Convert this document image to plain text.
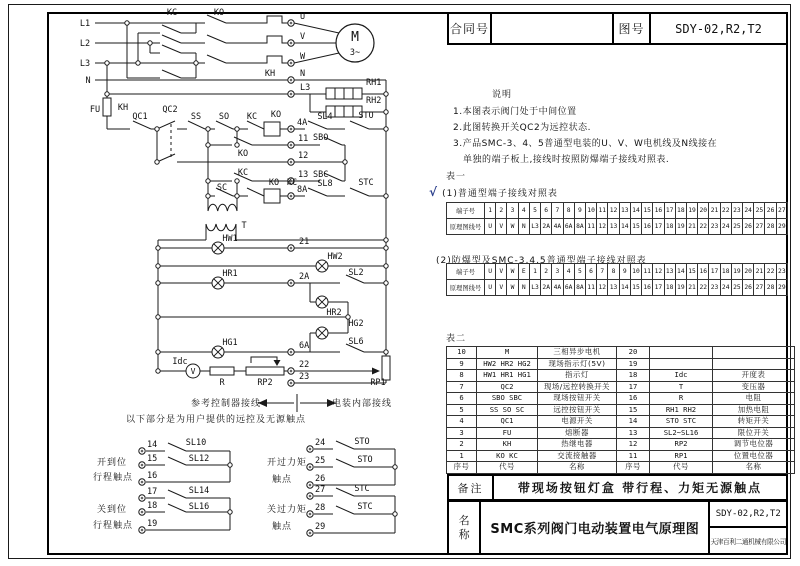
L1
L2
L3
N
KC	KO
KH
U
V
W
N
L3
M
3~
RH1
RH2
FU KH
QC1
QC2
SS SO KC KO
4A
SL4	STO
11 SBO
KO	12
13 SBC
KC
SC	KO KC
8A
SL8	STC
T
HW1	21
HW2
HR1	2A	SL2
HR2
HG2
HG1	6A	SL6
Idc
V
R	RP2
22
RP1
23
参考控制器接线	电装内部接线
以下部分是为用户提供的远控及无源触点
开到位
行程触点
关到位
行程触点
开过力矩
触点
关过力矩
触点
14	SL10
15	SL12
16
17	SL14
18	SL16
19
24	STO
25	STO
26
27	STC
28	STC
29
合同号	图号	SDY-02,R2,T2
说明
1.本图表示阀门处于中间位置
2.此图转换开关QC2为远控状态.
3.产品SMC-3、4、5普通型电装的U、V、W电机线及N线接在
单独的端子板上,接线时按照防爆端子接线对照表.
表一
√ (1)普通型端子接线对照表
端子号	1	2	3	4	5	6	7	8	9	10	11	12	13	14	15	16	17	18	19	20	21	22	23	24	25	26	27
原理图线号	U	V	W	N	L3	2A	4A	6A	8A	11	12	13	14	15	16	17	18	19	21	22	23	24	25	26	27	28	29
(2)防爆型及SMC-3,4,5普通型端子接线对照表
端子号	U	V	W	E	1	2	3	4	5	6	7	8	9	10	11	12	13	14	15	16	17	18	19	20	21	22	23
原理图线号	U	V	W	N	L3	2A	4A	6A	8A	11	12	13	14	15	16	17	18	19	21	22	23	24	25	26	27	28	29
表二
10	M	三相异步电机	20		
9	HW2 HR2 HG2	现场指示灯(5V)	19		
8	HW1 HR1 HG1	指示灯	18	Idc	开度表
7	QC2	现场/远控转换开关	17	T	变压器
6	SBO SBC	现场按钮开关	16	R	电阻
5	SS SO SC	远控按钮开关	15	RH1 RH2	加热电阻
4	QC1	电源开关	14	STO STC	转矩开关
3	FU	熔断器	13	SL2~SL16	限位开关
2	KH	热继电器	12	RP2	调节电位器
1	KO KC	交流接触器	11	RP1	位置电位器
序号	代号	名称	序号	代号	名称
备注	带现场按钮灯盒 带行程、力矩无源触点
名
称	SMC系列阀门电动装置电气原理图
SDY-02,R2,T2
天津百利二通机械有限公司
